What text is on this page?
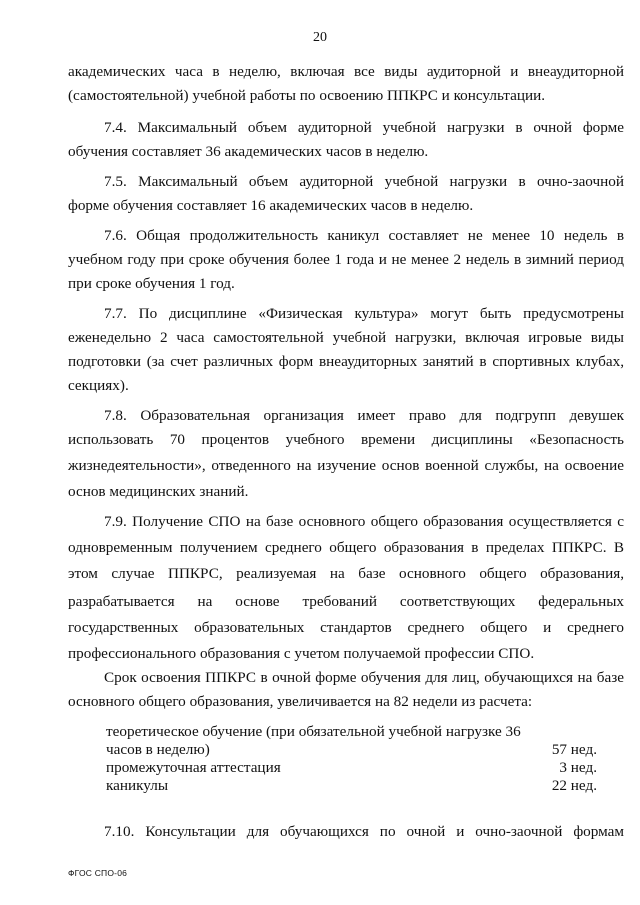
20
академических часа в неделю, включая все виды аудиторной и внеаудиторной
(самостоятельной) учебной работы по освоению ППКРС и консультации.
7.4. Максимальный объем аудиторной учебной нагрузки в очной форме
обучения составляет 36 академических часов в неделю.
7.5. Максимальный объем аудиторной учебной нагрузки в очно-заочной
форме обучения составляет 16 академических часов в неделю.
7.6. Общая продолжительность каникул составляет не менее 10 недель в
учебном году при сроке обучения более 1 года и не менее 2 недель в зимний период
при сроке обучения 1 год.
7.7. По дисциплине «Физическая культура» могут быть предусмотрены
еженедельно 2 часа самостоятельной учебной нагрузки, включая игровые виды
подготовки (за счет различных форм внеаудиторных занятий в спортивных клубах,
секциях).
7.8. Образовательная организация имеет право для подгрупп девушек
использовать 70 процентов учебного времени дисциплины «Безопасность
жизнедеятельности», отведенного на изучение основ военной службы, на освоение
основ медицинских знаний.
7.9. Получение СПО на базе основного общего образования осуществляется с
одновременным получением среднего общего образования в пределах ППКРС. В
этом случае ППКРС, реализуемая на базе основного общего образования,
разрабатывается на основе требований соответствующих федеральных
государственных образовательных стандартов среднего общего и среднего
профессионального образования с учетом получаемой профессии СПО.
Срок освоения ППКРС в очной форме обучения для лиц, обучающихся на базе
основного общего образования, увеличивается на 82 недели из расчета:
теоретическое обучение (при обязательной учебной нагрузке 36
часов в неделю)	57 нед.
промежуточная аттестация	3 нед.
каникулы	22 нед.
7.10. Консультации для обучающихся по очной и очно-заочной формам
ФГОС СПО-06
